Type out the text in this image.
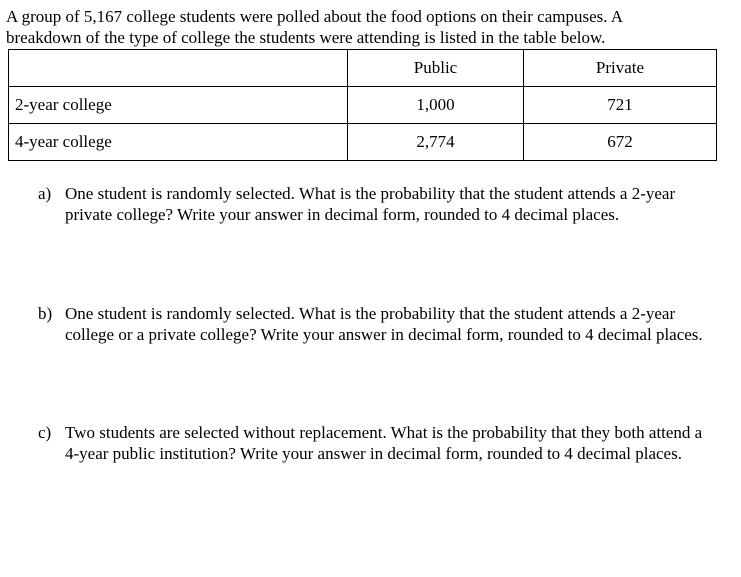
A group of 5,167 college students were polled about the food options on their campuses. A
breakdown of the type of college the students were attending is listed in the table below.

	Public	Private
2-year college	1,000	721
4-year college	2,774	672
a) One student is randomly selected. What is the probability that the student attends a 2-year private college? Write your answer in decimal form, rounded to 4 decimal places.
b) One student is randomly selected. What is the probability that the student attends a 2-year college or a private college? Write your answer in decimal form, rounded to 4 decimal places.
c) Two students are selected without replacement. What is the probability that they both attend a 4-year public institution? Write your answer in decimal form, rounded to 4 decimal places.
